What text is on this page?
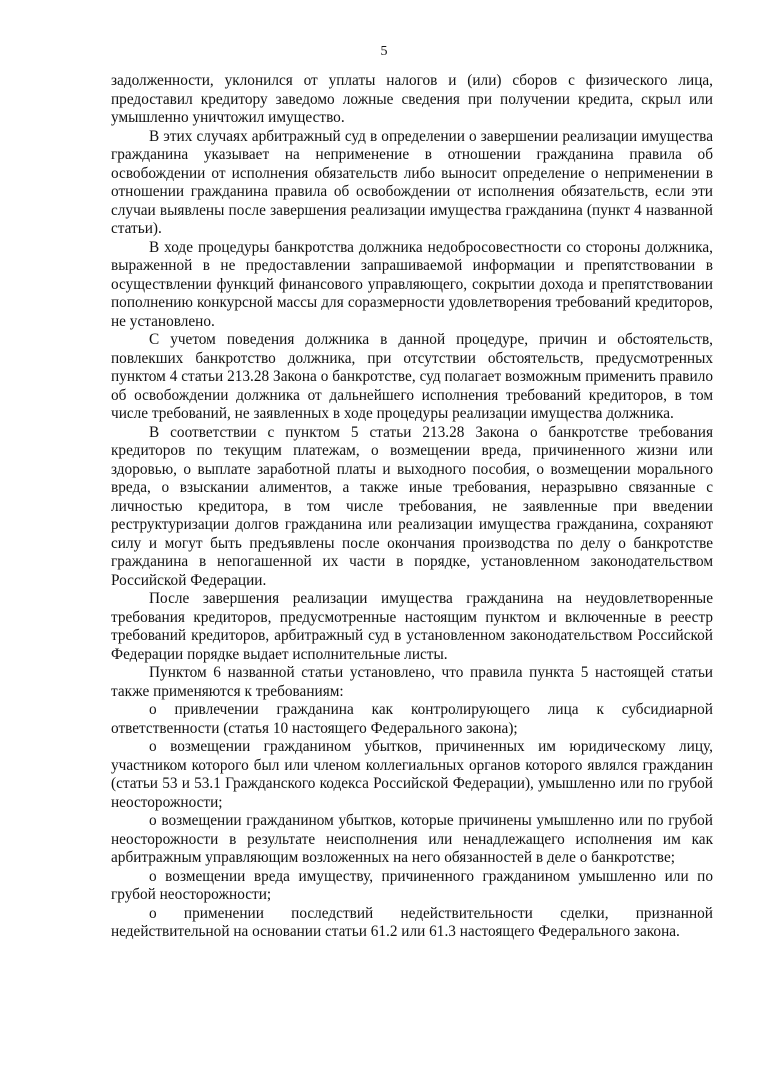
5

задолженности, уклонился от уплаты налогов и (или) сборов с физического лица, предоставил кредитору заведомо ложные сведения при получении кредита, скрыл или умышленно уничтожил имущество.

В этих случаях арбитражный суд в определении о завершении реализации имущества гражданина указывает на неприменение в отношении гражданина правила об освобождении от исполнения обязательств либо выносит определение о неприменении в отношении гражданина правила об освобождении от исполнения обязательств, если эти случаи выявлены после завершения реализации имущества гражданина (пункт 4 названной статьи).

В ходе процедуры банкротства должника недобросовестности со стороны должника, выраженной в не предоставлении запрашиваемой информации и препятствовании в осуществлении функций финансового управляющего, сокрытии дохода и препятствовании пополнению конкурсной массы для соразмерности удовлетворения требований кредиторов, не установлено.

С учетом поведения должника в данной процедуре, причин и обстоятельств, повлекших банкротство должника, при отсутствии обстоятельств, предусмотренных пунктом 4 статьи 213.28 Закона о банкротстве, суд полагает возможным применить правило об освобождении должника от дальнейшего исполнения требований кредиторов, в том числе требований, не заявленных в ходе процедуры реализации имущества должника.

В соответствии с пунктом 5 статьи 213.28 Закона о банкротстве требования кредиторов по текущим платежам, о возмещении вреда, причиненного жизни или здоровью, о выплате заработной платы и выходного пособия, о возмещении морального вреда, о взыскании алиментов, а также иные требования, неразрывно связанные с личностью кредитора, в том числе требования, не заявленные при введении реструктуризации долгов гражданина или реализации имущества гражданина, сохраняют силу и могут быть предъявлены после окончания производства по делу о банкротстве гражданина в непогашенной их части в порядке, установленном законодательством Российской Федерации.

После завершения реализации имущества гражданина на неудовлетворенные требования кредиторов, предусмотренные настоящим пунктом и включенные в реестр требований кредиторов, арбитражный суд в установленном законодательством Российской Федерации порядке выдает исполнительные листы.

Пунктом 6 названной статьи установлено, что правила пункта 5 настоящей статьи также применяются к требованиям:

о привлечении гражданина как контролирующего лица к субсидиарной ответственности (статья 10 настоящего Федерального закона);

о возмещении гражданином убытков, причиненных им юридическому лицу, участником которого был или членом коллегиальных органов которого являлся гражданин (статьи 53 и 53.1 Гражданского кодекса Российской Федерации), умышленно или по грубой неосторожности;

о возмещении гражданином убытков, которые причинены умышленно или по грубой неосторожности в результате неисполнения или ненадлежащего исполнения им как арбитражным управляющим возложенных на него обязанностей в деле о банкротстве;

о возмещении вреда имуществу, причиненного гражданином умышленно или по грубой неосторожности;

о применении последствий недействительности сделки, признанной недействительной на основании статьи 61.2 или 61.3 настоящего Федерального закона.
